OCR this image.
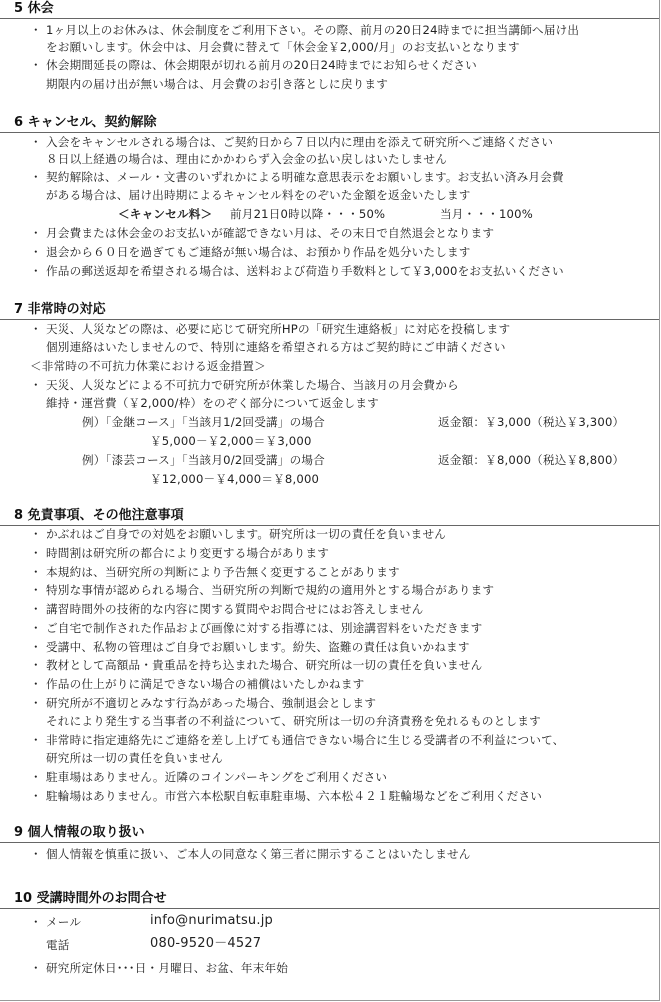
5 休会
・ 1ヶ月以上のお休みは、休会制度をご利用下さい。その際、前月の20日24時までに担当講師へ届け出
をお願いします。休会中は、月会費に替えて「休会金￥2,000/月」のお支払いとなります
・ 休会期間延長の際は、休会期限が切れる前月の20日24時までにお知らせください
期限内の届け出が無い場合は、月会費のお引き落としに戻ります
6 キャンセル、契約解除
・ 入会をキャンセルされる場合は、ご契約日から７日以内に理由を添えて研究所へご連絡ください
８日以上経過の場合は、理由にかかわらず入会金の払い戻しはいたしません
・ 契約解除は、メール・文書のいずれかによる明確な意思表示をお願いします。お支払い済み月会費
がある場合は、届け出時期によるキャンセル料をのぞいた金額を返金いたします
＜キャンセル料＞ 前月21日0時以降・・・50%	当月・・・100%
・ 月会費または休会金のお支払いが確認できない月は、その末日で自然退会となります
・ 退会から６０日を過ぎてもご連絡が無い場合は、お預かり作品を処分いたします
・ 作品の郵送返却を希望される場合は、送料および荷造り手数料として￥3,000をお支払いください
7 非常時の対応
・ 天災、人災などの際は、必要に応じて研究所HPの「研究生連絡板」に対応を投稿します
個別連絡はいたしませんので、特別に連絡を希望される方はご契約時にご申請ください
＜非常時の不可抗力休業における返金措置＞
・ 天災、人災などによる不可抗力で研究所が休業した場合、当該月の月会費から
維持・運営費（￥2,000/枠）をのぞく部分について返金します
例）「金継コース」「当該月1/2回受講」の場合	返金額：￥3,000（税込￥3,300）
￥5,000－￥2,000＝￥3,000
例）「漆芸コース」「当該月0/2回受講」の場合	返金額：￥8,000（税込￥8,800）
￥12,000－￥4,000＝￥8,000
8 免責事項、その他注意事項
・ かぶれはご自身での対処をお願いします。研究所は一切の責任を負いません
・ 時間割は研究所の都合により変更する場合があります
・ 本規約は、当研究所の判断により予告無く変更することがあります
・ 特別な事情が認められる場合、当研究所の判断で規約の適用外とする場合があります
・ 講習時間外の技術的な内容に関する質問やお問合せにはお答えしません
・ ご自宅で制作された作品および画像に対する指導には、別途講習料をいただきます
・ 受講中、私物の管理はご自身でお願いします。紛失、盗難の責任は負いかねます
・ 教材として高額品・貴重品を持ち込まれた場合、研究所は一切の責任を負いません
・ 作品の仕上がりに満足できない場合の補償はいたしかねます
・ 研究所が不適切とみなす行為があった場合、強制退会とします
それにより発生する当事者の不利益について、研究所は一切の弁済責務を免れるものとします
・ 非常時に指定連絡先にご連絡を差し上げても通信できない場合に生じる受講者の不利益について、
研究所は一切の責任を負いません
・ 駐車場はありません。近隣のコインパーキングをご利用ください
・ 駐輪場はありません。市営六本松駅自転車駐車場、六本松４２１駐輪場などをご利用ください
9 個人情報の取り扱い
・ 個人情報を慎重に扱い、ご本人の同意なく第三者に開示することはいたしません
10 受講時間外のお問合せ
・ メール	info@nurimatsu.jp
電話	080-9520－4527
・ 研究所定休日･･･日・月曜日、お盆、年末年始
